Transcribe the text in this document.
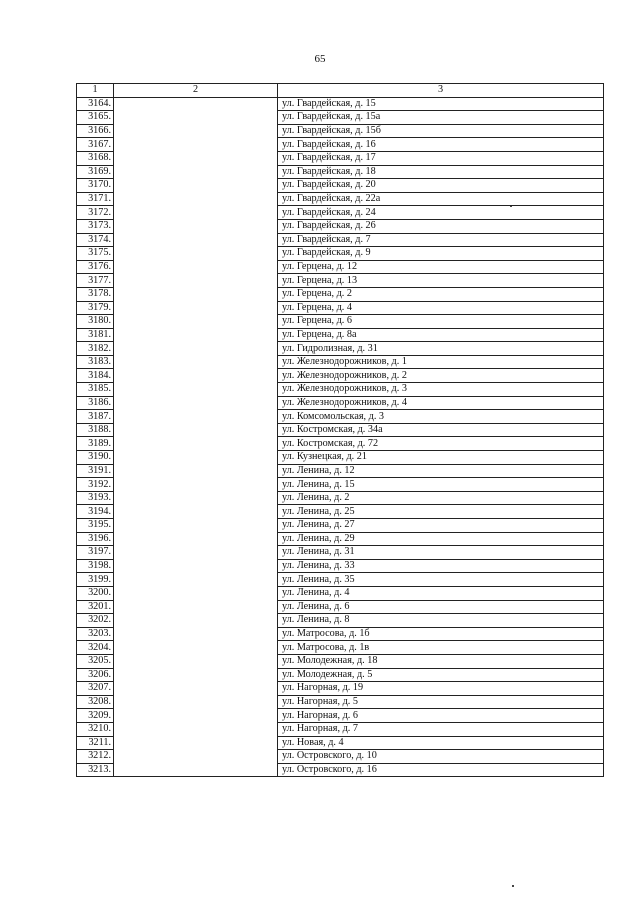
65
1	2	3
3164.		ул. Гвардейская, д. 15
3165.		ул. Гвардейская, д. 15а
3166.		ул. Гвардейская, д. 15б
3167.		ул. Гвардейская, д. 16
3168.		ул. Гвардейская, д. 17
3169.		ул. Гвардейская, д. 18
3170.		ул. Гвардейская, д. 20
3171.		ул. Гвардейская, д. 22а
3172.		ул. Гвардейская, д. 24
3173.		ул. Гвардейская, д. 26
3174.		ул. Гвардейская, д. 7
3175.		ул. Гвардейская, д. 9
3176.		ул. Герцена, д. 12
3177.		ул. Герцена, д. 13
3178.		ул. Герцена, д. 2
3179.		ул. Герцена, д. 4
3180.		ул. Герцена, д. 6
3181.		ул. Герцена, д. 8а
3182.		ул. Гидролизная, д. 31
3183.		ул. Железнодорожников, д. 1
3184.		ул. Железнодорожников, д. 2
3185.		ул. Железнодорожников, д. 3
3186.		ул. Железнодорожников, д. 4
3187.		ул. Комсомольская, д. 3
3188.		ул. Костромская, д. 34а
3189.		ул. Костромская, д. 72
3190.		ул. Кузнецкая, д. 21
3191.		ул. Ленина, д. 12
3192.		ул. Ленина, д. 15
3193.		ул. Ленина, д. 2
3194.		ул. Ленина, д. 25
3195.		ул. Ленина, д. 27
3196.		ул. Ленина, д. 29
3197.		ул. Ленина, д. 31
3198.		ул. Ленина, д. 33
3199.		ул. Ленина, д. 35
3200.		ул. Ленина, д. 4
3201.		ул. Ленина, д. 6
3202.		ул. Ленина, д. 8
3203.		ул. Матросова, д. 1б
3204.		ул. Матросова, д. 1в
3205.		ул. Молодежная, д. 18
3206.		ул. Молодежная, д. 5
3207.		ул. Нагорная, д. 19
3208.		ул. Нагорная, д. 5
3209.		ул. Нагорная, д. 6
3210.		ул. Нагорная, д. 7
3211.		ул. Новая, д. 4
3212.		ул. Островского, д. 10
3213.		ул. Островского, д. 16
